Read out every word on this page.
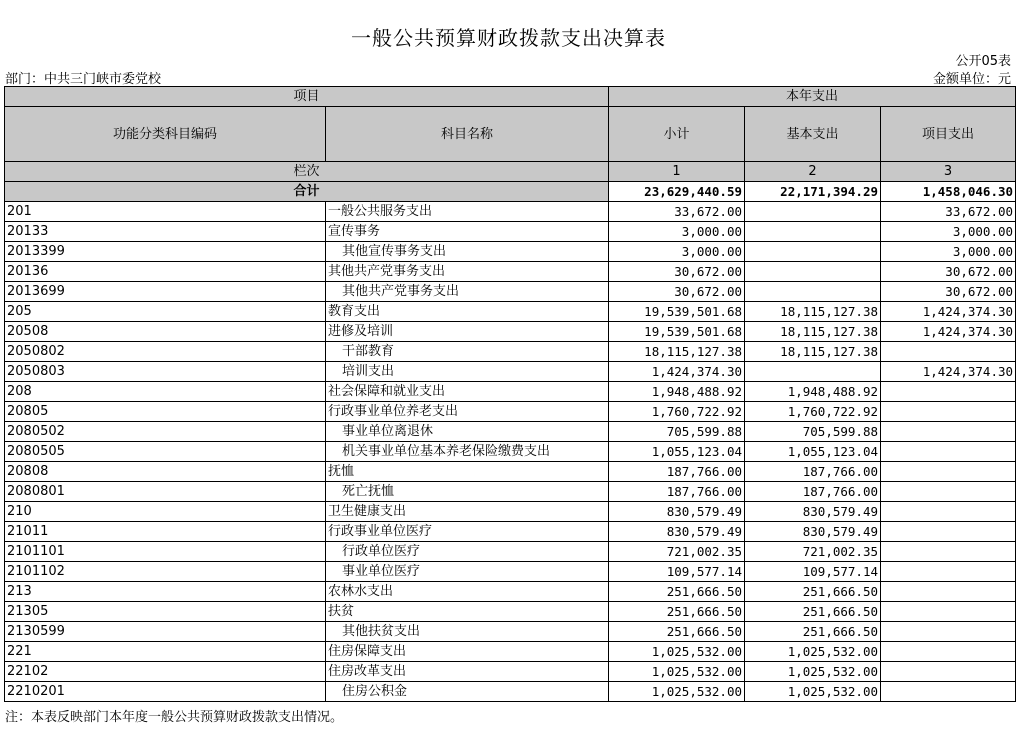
一般公共预算财政拨款支出决算表
公开05表
部门：中共三门峡市委党校	金额单位：元
项目		本年支出		
功能分类科目编码	科目名称	小计	基本支出	项目支出
栏次		1	2	3
合计		23,629,440.59	22,171,394.29	1,458,046.30
201	一般公共服务支出	33,672.00		33,672.00
20133	宣传事务	3,000.00		3,000.00
2013399	其他宣传事务支出	3,000.00		3,000.00
20136	其他共产党事务支出	30,672.00		30,672.00
2013699	其他共产党事务支出	30,672.00		30,672.00
205	教育支出	19,539,501.68	18,115,127.38	1,424,374.30
20508	进修及培训	19,539,501.68	18,115,127.38	1,424,374.30
2050802	干部教育	18,115,127.38	18,115,127.38	
2050803	培训支出	1,424,374.30		1,424,374.30
208	社会保障和就业支出	1,948,488.92	1,948,488.92	
20805	行政事业单位养老支出	1,760,722.92	1,760,722.92	
2080502	事业单位离退休	705,599.88	705,599.88	
2080505	机关事业单位基本养老保险缴费支出	1,055,123.04	1,055,123.04	
20808	抚恤	187,766.00	187,766.00	
2080801	死亡抚恤	187,766.00	187,766.00	
210	卫生健康支出	830,579.49	830,579.49	
21011	行政事业单位医疗	830,579.49	830,579.49	
2101101	行政单位医疗	721,002.35	721,002.35	
2101102	事业单位医疗	109,577.14	109,577.14	
213	农林水支出	251,666.50	251,666.50	
21305	扶贫	251,666.50	251,666.50	
2130599	其他扶贫支出	251,666.50	251,666.50	
221	住房保障支出	1,025,532.00	1,025,532.00	
22102	住房改革支出	1,025,532.00	1,025,532.00	
2210201	住房公积金	1,025,532.00	1,025,532.00	
注：本表反映部门本年度一般公共预算财政拨款支出情况。
